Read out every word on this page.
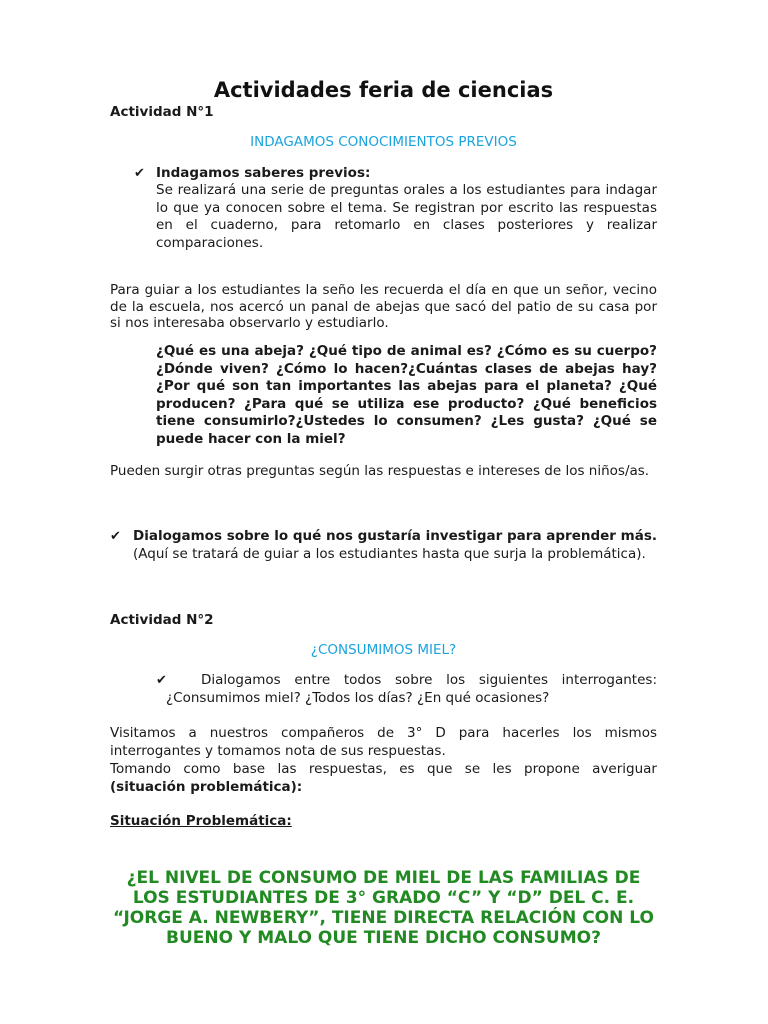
Actividades feria de ciencias
Actividad N°1
INDAGAMOS CONOCIMIENTOS PREVIOS
✔ Indagamos saberes previos:

Se realizará una serie de preguntas orales a los estudiantes para indagar lo que ya conocen sobre el tema. Se registran por escrito las respuestas en el cuaderno, para retomarlo en clases posteriores y realizar comparaciones.

Para guiar a los estudiantes la seño les recuerda el día en que un señor, vecino de la escuela, nos acercó un panal de abejas que sacó del patio de su casa por si nos interesaba observarlo y estudiarlo.

¿Qué es una abeja? ¿Qué tipo de animal es? ¿Cómo es su cuerpo? ¿Dónde viven? ¿Cómo lo hacen?¿Cuántas clases de abejas hay? ¿Por qué son tan importantes las abejas para el planeta? ¿Qué producen? ¿Para qué se utiliza ese producto? ¿Qué beneficios tiene consumirlo?¿Ustedes lo consumen? ¿Les gusta? ¿Qué se puede hacer con la miel?

Pueden surgir otras preguntas según las respuestas e intereses de los niños/as.

✔ Dialogamos sobre lo qué nos gustaría investigar para aprender más. (Aquí se tratará de guiar a los estudiantes hasta que surja la problemática).

Actividad N°2
¿CONSUMIMOS MIEL?
✔	Dialogamos entre todos sobre los siguientes interrogantes: ¿Consumimos miel? ¿Todos los días? ¿En qué ocasiones?

Visitamos a nuestros compañeros de 3° D para hacerles los mismos interrogantes y tomamos nota de sus respuestas.

Tomando como base las respuestas, es que se les propone averiguar
(situación problemática):

Situación Problemática:
¿EL NIVEL DE CONSUMO DE MIEL DE LAS FAMILIAS DE LOS ESTUDIANTES DE 3° GRADO “C” Y “D” DEL C. E. “JORGE A. NEWBERY”, TIENE DIRECTA RELACIÓN CON LO BUENO Y MALO QUE TIENE DICHO CONSUMO?
